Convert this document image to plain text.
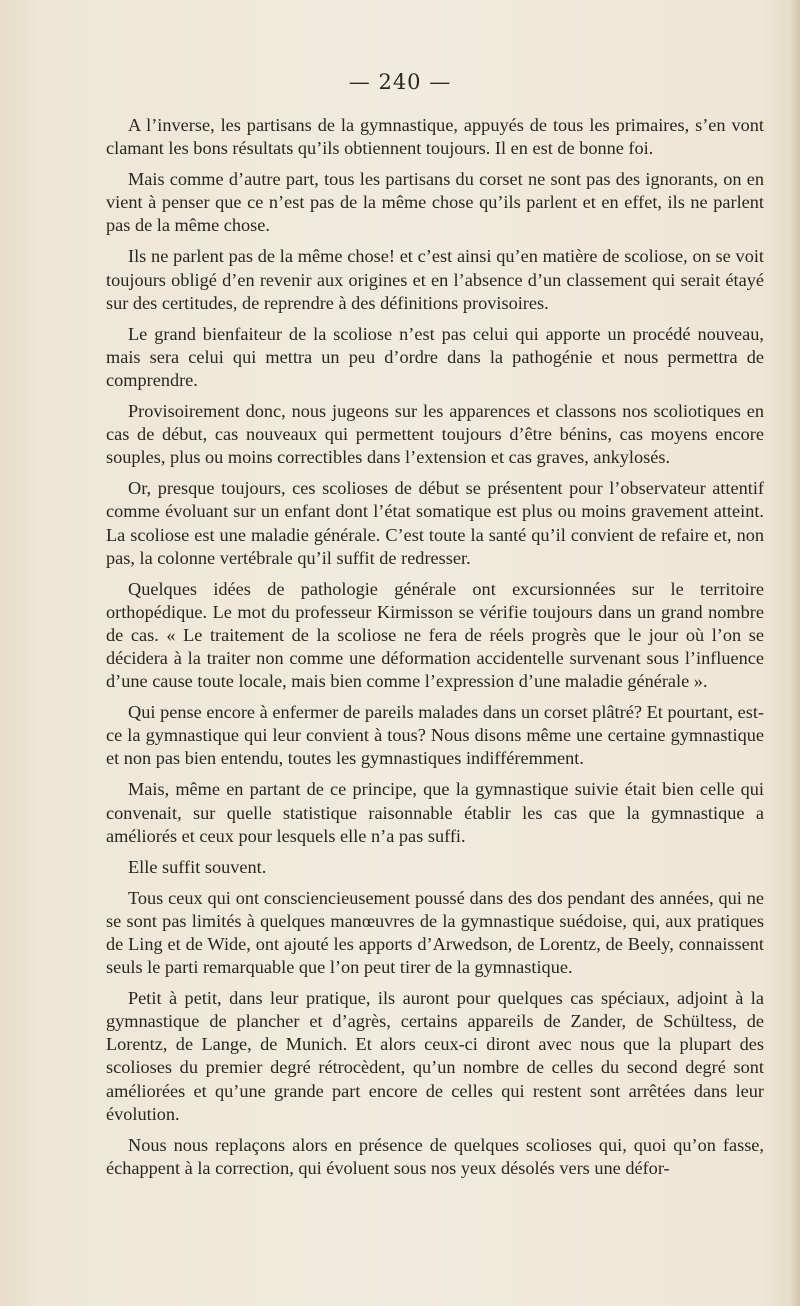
— 240 —

A l’inverse, les partisans de la gymnastique, appuyés de tous les primaires, s’en vont clamant les bons résultats qu’ils obtiennent toujours. Il en est de bonne foi.

Mais comme d’autre part, tous les partisans du corset ne sont pas des ignorants, on en vient à penser que ce n’est pas de la même chose qu’ils parlent et en effet, ils ne parlent pas de la même chose.

Ils ne parlent pas de la même chose! et c’est ainsi qu’en matière de scoliose, on se voit toujours obligé d’en revenir aux origines et en l’absence d’un classement qui serait étayé sur des certitudes, de reprendre à des définitions provisoires.

Le grand bienfaiteur de la scoliose n’est pas celui qui apporte un procédé nouveau, mais sera celui qui mettra un peu d’ordre dans la pathogénie et nous permettra de comprendre.

Provisoirement donc, nous jugeons sur les apparences et classons nos scoliotiques en cas de début, cas nouveaux qui permettent toujours d’être bénins, cas moyens encore souples, plus ou moins correctibles dans l’extension et cas graves, ankylosés.

Or, presque toujours, ces scolioses de début se présentent pour l’observateur attentif comme évoluant sur un enfant dont l’état somatique est plus ou moins gravement atteint. La scoliose est une maladie générale. C’est toute la santé qu’il convient de refaire et, non pas, la colonne vertébrale qu’il suffit de redresser.

Quelques idées de pathologie générale ont excursionnées sur le territoire orthopédique. Le mot du professeur Kirmisson se vérifie toujours dans un grand nombre de cas. « Le traitement de la scoliose ne fera de réels progrès que le jour où l’on se décidera à la traiter non comme une déformation accidentelle survenant sous l’influence d’une cause toute locale, mais bien comme l’expression d’une maladie générale ».

Qui pense encore à enfermer de pareils malades dans un corset plâtré? Et pourtant, est-ce la gymnastique qui leur convient à tous? Nous disons même une certaine gymnastique et non pas bien entendu, toutes les gymnastiques indifféremment.

Mais, même en partant de ce principe, que la gymnastique suivie était bien celle qui convenait, sur quelle statistique raisonnable établir les cas que la gymnastique a améliorés et ceux pour lesquels elle n’a pas suffi.

Elle suffit souvent.

Tous ceux qui ont consciencieusement poussé dans des dos pendant des années, qui ne se sont pas limités à quelques manœuvres de la gymnastique suédoise, qui, aux pratiques de Ling et de Wide, ont ajouté les apports d’Arwedson, de Lorentz, de Beely, connaissent seuls le parti remarquable que l’on peut tirer de la gymnastique.

Petit à petit, dans leur pratique, ils auront pour quelques cas spéciaux, adjoint à la gymnastique de plancher et d’agrès, certains appareils de Zander, de Schültess, de Lorentz, de Lange, de Munich. Et alors ceux-ci diront avec nous que la plupart des scolioses du premier degré rétrocèdent, qu’un nombre de celles du second degré sont améliorées et qu’une grande part encore de celles qui restent sont arrêtées dans leur évolution.

Nous nous replaçons alors en présence de quelques scolioses qui, quoi qu’on fasse, échappent à la correction, qui évoluent sous nos yeux désolés vers une défor-
